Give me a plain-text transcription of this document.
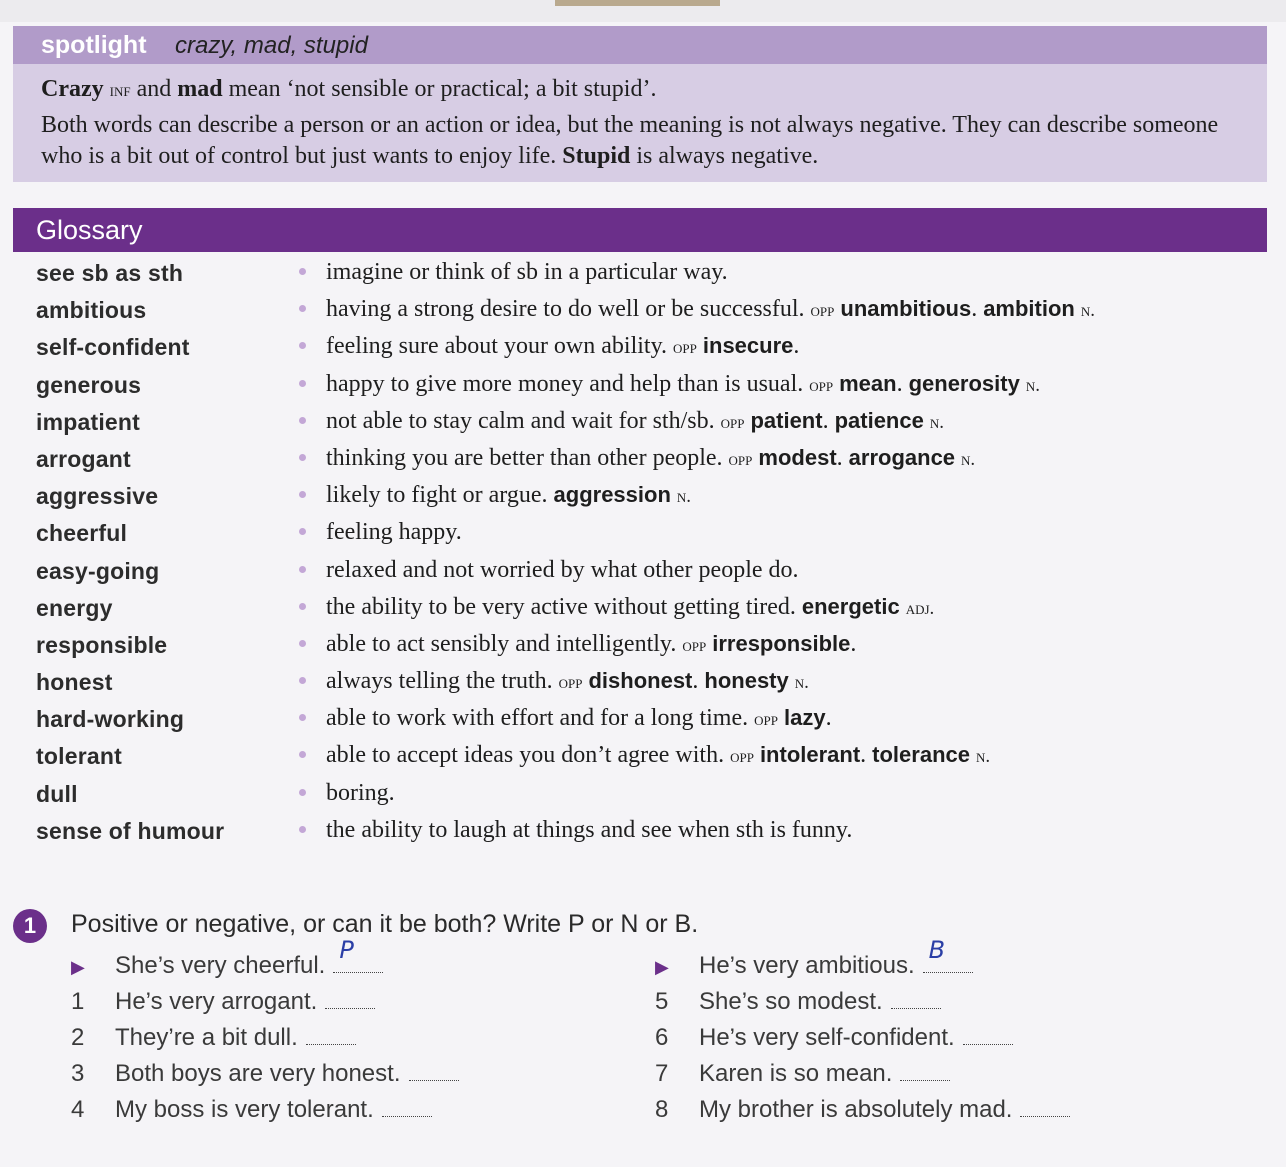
spotlight crazy, mad, stupid

Crazy inf and mad mean ‘not sensible or practical; a bit stupid’.

Both words can describe a person or an action or idea, but the meaning is not always negative. They can describe someone who is a bit out of control but just wants to enjoy life. Stupid is always negative.

Glossary
see sb as sth	imagine or think of sb in a particular way.
ambitious	having a strong desire to do well or be successful. opp unambitious. ambition n.
self-confident	feeling sure about your own ability. opp insecure.
generous	happy to give more money and help than is usual. opp mean. generosity n.
impatient	not able to stay calm and wait for sth/sb. opp patient. patience n.
arrogant	thinking you are better than other people. opp modest. arrogance n.
aggressive	likely to fight or argue. aggression n.
cheerful	feeling happy.
easy-going	relaxed and not worried by what other people do.
energy	the ability to be very active without getting tired. energetic adj.
responsible	able to act sensibly and intelligently. opp irresponsible.
honest	always telling the truth. opp dishonest. honesty n.
hard-working	able to work with effort and for a long time. opp lazy.
tolerant	able to accept ideas you don’t agree with. opp intolerant. tolerance n.
dull	boring.
sense of humour	the ability to laugh at things and see when sth is funny.
1	Positive or negative, or can it be both? Write P or N or B.
▶ She’s very cheerful.
P
1 He’s very arrogant.
2 They’re a bit dull.
3 Both boys are very honest.
4 My boss is very tolerant.
▶ He’s very ambitious.
B
5 She’s so modest.
6 He’s very self-confident.
7 Karen is so mean.
8 My brother is absolutely mad.
